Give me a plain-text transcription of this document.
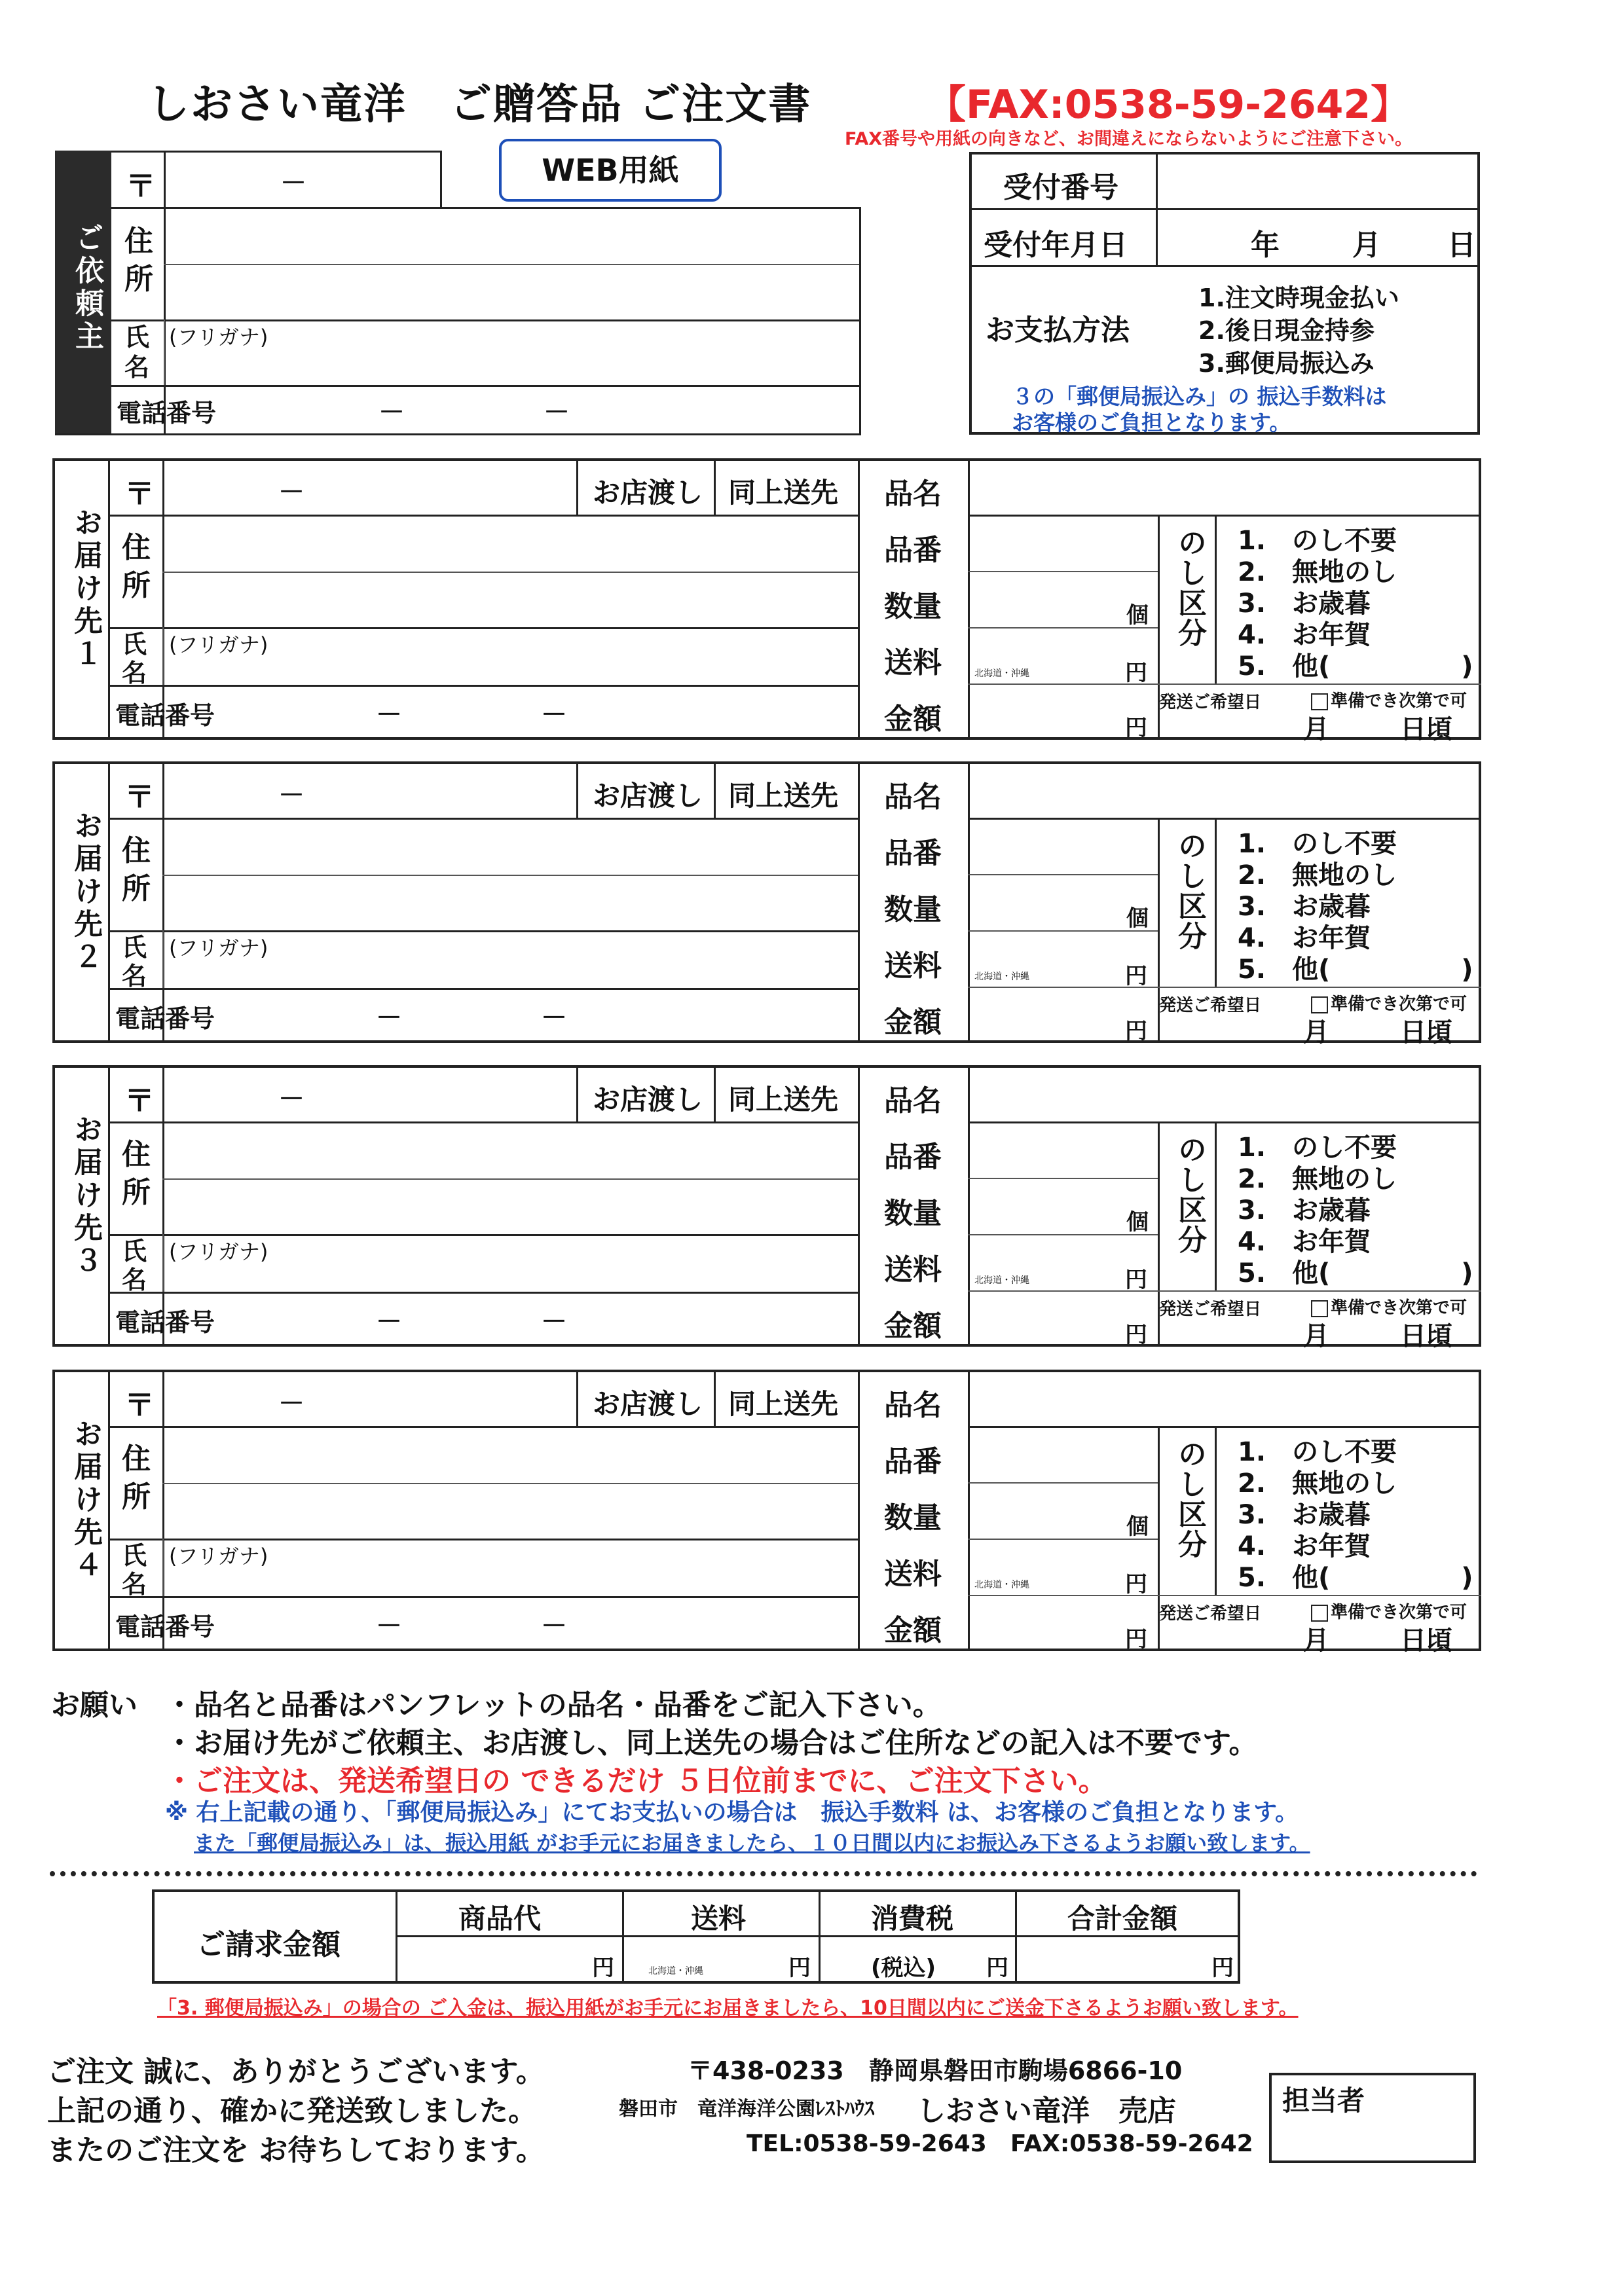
しおさい竜洋　ご贈答品 ご注文書	【FAX:0538-59-2642】
FAX番号や用紙の向きなど、お間違えにならないようにご注意下さい。
WEB用紙
ご依頼主
〒	－
住所
氏名
(フリガナ)
電話番号	－	－
受付番号
受付年月日	年	月 日
お支払方法
1.注文時現金払い
2.後日現金持参
3.郵便局振込み
３の「郵便局振込み」の 振込手数料は
お客様のご負担となります。
お届け先１
〒	－	お店渡し 同上送先
住所
氏名
(フリガナ)
電話番号	－	－
品名
品番
数量	個
送料	北海道・沖縄	円
金額	円
のし区分 1.　のし不要
2.　無地のし
3.　お歳暮
4.　お年賀
5.　他(　　　　　)
発送ご希望日	準備でき次第で可
月	日頃
お届け先２
〒	－	お店渡し 同上送先
住所
氏名
(フリガナ)
電話番号	－	－
品名
品番
数量	個
送料	北海道・沖縄	円
金額	円
のし区分 1.　のし不要
2.　無地のし
3.　お歳暮
4.　お年賀
5.　他(　　　　　)
発送ご希望日	準備でき次第で可
月	日頃
お届け先３
〒	－	お店渡し 同上送先
住所
氏名
(フリガナ)
電話番号	－	－
品名
品番
数量	個
送料	北海道・沖縄	円
金額	円
のし区分 1.　のし不要
2.　無地のし
3.　お歳暮
4.　お年賀
5.　他(　　　　　)
発送ご希望日	準備でき次第で可
月	日頃
お届け先４
〒	－	お店渡し 同上送先
住所
氏名
(フリガナ)
電話番号	－	－
品名
品番
数量	個
送料	北海道・沖縄	円
金額	円
のし区分 1.　のし不要
2.　無地のし
3.　お歳暮
4.　お年賀
5.　他(　　　　　)
発送ご希望日	準備でき次第で可
月	日頃
お願い ・品名と品番はパンフレットの品名・品番をご記入下さい。
・お届け先がご依頼主、お店渡し、同上送先の場合はご住所などの記入は不要です。
・ご注文は、発送希望日の できるだけ ５日位前までに、ご注文下さい。
※ 右上記載の通り、「郵便局振込み」にてお支払いの場合は　振込手数料 は、お客様のご負担となります。
また「郵便局振込み」は、振込用紙 がお手元にお届きましたら、１０日間以内にお振込み下さるようお願い致します。
ご請求金額
商品代	送料	消費税	合計金額
円	北海道・沖縄	円	(税込) 円	円
「3. 郵便局振込み」の場合の ご入金は、振込用紙がお手元にお届きましたら、10日間以内にご送金下さるようお願い致します。
ご注文 誠に、ありがとうございます。
上記の通り、確かに発送致しました。
またのご注文を お待ちしております。
〒438-0233　静岡県磐田市駒場6866-10
磐田市　竜洋海洋公園ﾚｽﾄﾊｳｽ しおさい竜洋　売店
TEL:0538-59-2643　FAX:0538-59-2642
担当者
